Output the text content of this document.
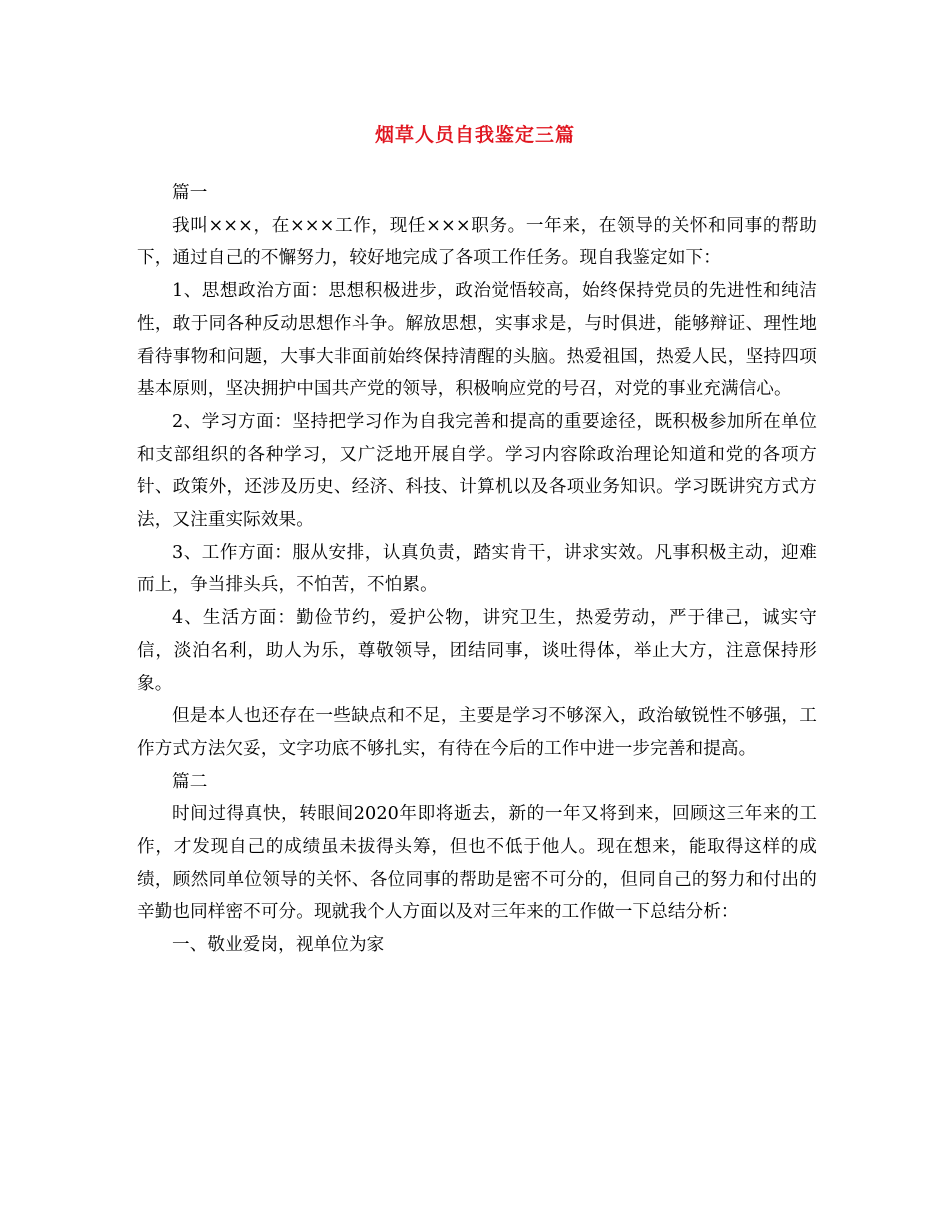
烟草人员自我鉴定三篇

篇一

我叫×××，在×××工作，现任×××职务。一年来，在领导的关怀和同事的帮助下，通过自己的不懈努力，较好地完成了各项工作任务。现自我鉴定如下：

1、思想政治方面：思想积极进步，政治觉悟较高，始终保持党员的先进性和纯洁性，敢于同各种反动思想作斗争。解放思想，实事求是，与时俱进，能够辩证、理性地看待事物和问题，大事大非面前始终保持清醒的头脑。热爱祖国，热爱人民，坚持四项基本原则，坚决拥护中国共产党的领导，积极响应党的号召，对党的事业充满信心。

2、学习方面：坚持把学习作为自我完善和提高的重要途径，既积极参加所在单位和支部组织的各种学习，又广泛地开展自学。学习内容除政治理论知道和党的各项方针、政策外，还涉及历史、经济、科技、计算机以及各项业务知识。学习既讲究方式方法，又注重实际效果。

3、工作方面：服从安排，认真负责，踏实肯干，讲求实效。凡事积极主动，迎难而上，争当排头兵，不怕苦，不怕累。

4、生活方面：勤俭节约，爱护公物，讲究卫生，热爱劳动，严于律己，诚实守信，淡泊名利，助人为乐，尊敬领导，团结同事，谈吐得体，举止大方，注意保持形象。

但是本人也还存在一些缺点和不足，主要是学习不够深入，政治敏锐性不够强，工作方式方法欠妥，文字功底不够扎实，有待在今后的工作中进一步完善和提高。

篇二

时间过得真快，转眼间2020年即将逝去，新的一年又将到来，回顾这三年来的工作，才发现自己的成绩虽未拔得头筹，但也不低于他人。现在想来，能取得这样的成绩，顾然同单位领导的关怀、各位同事的帮助是密不可分的，但同自己的努力和付出的辛勤也同样密不可分。现就我个人方面以及对三年来的工作做一下总结分析：

一、敬业爱岗，视单位为家
